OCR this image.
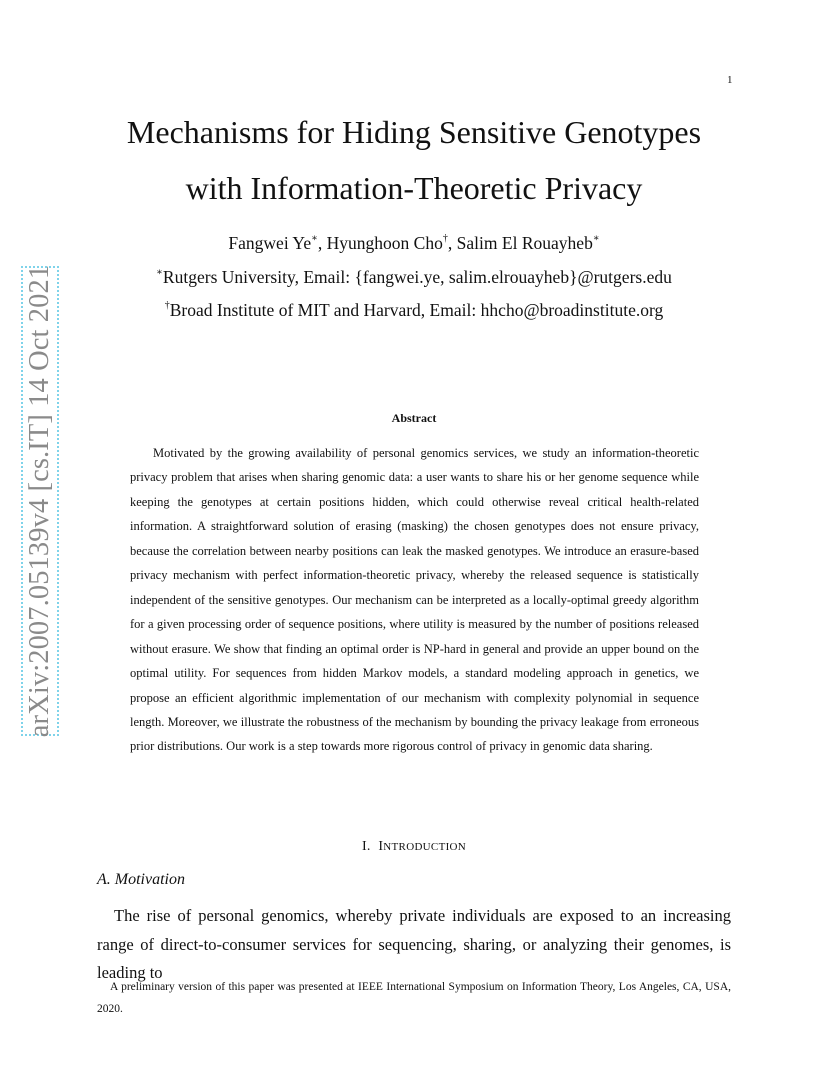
1
arXiv:2007.05139v4 [cs.IT] 14 Oct 2021
Mechanisms for Hiding Sensitive Genotypes
with Information-Theoretic Privacy
Fangwei Ye∗, Hyunghoon Cho†, Salim El Rouayheb∗
∗Rutgers University, Email: {fangwei.ye, salim.elrouayheb}@rutgers.edu
†Broad Institute of MIT and Harvard, Email: hhcho@broadinstitute.org
Abstract

Motivated by the growing availability of personal genomics services, we study an information-theoretic privacy problem that arises when sharing genomic data: a user wants to share his or her genome sequence while keeping the genotypes at certain positions hidden, which could otherwise reveal critical health-related information. A straightforward solution of erasing (masking) the chosen genotypes does not ensure privacy, because the correlation between nearby positions can leak the masked genotypes. We introduce an erasure-based privacy mechanism with perfect information-theoretic privacy, whereby the released sequence is statistically independent of the sensitive genotypes. Our mechanism can be interpreted as a locally-optimal greedy algorithm for a given processing order of sequence positions, where utility is measured by the number of positions released without erasure. We show that finding an optimal order is NP-hard in general and provide an upper bound on the optimal utility. For sequences from hidden Markov models, a standard modeling approach in genetics, we propose an efficient algorithmic implementation of our mechanism with complexity polynomial in sequence length. Moreover, we illustrate the robustness of the mechanism by bounding the privacy leakage from erroneous prior distributions. Our work is a step towards more rigorous control of privacy in genomic data sharing.

I. INTRODUCTION
A. Motivation

The rise of personal genomics, whereby private individuals are exposed to an increasing range of direct-to-consumer services for sequencing, sharing, or analyzing their genomes, is leading to

A preliminary version of this paper was presented at IEEE International Symposium on Information Theory, Los Angeles, CA, USA, 2020.
